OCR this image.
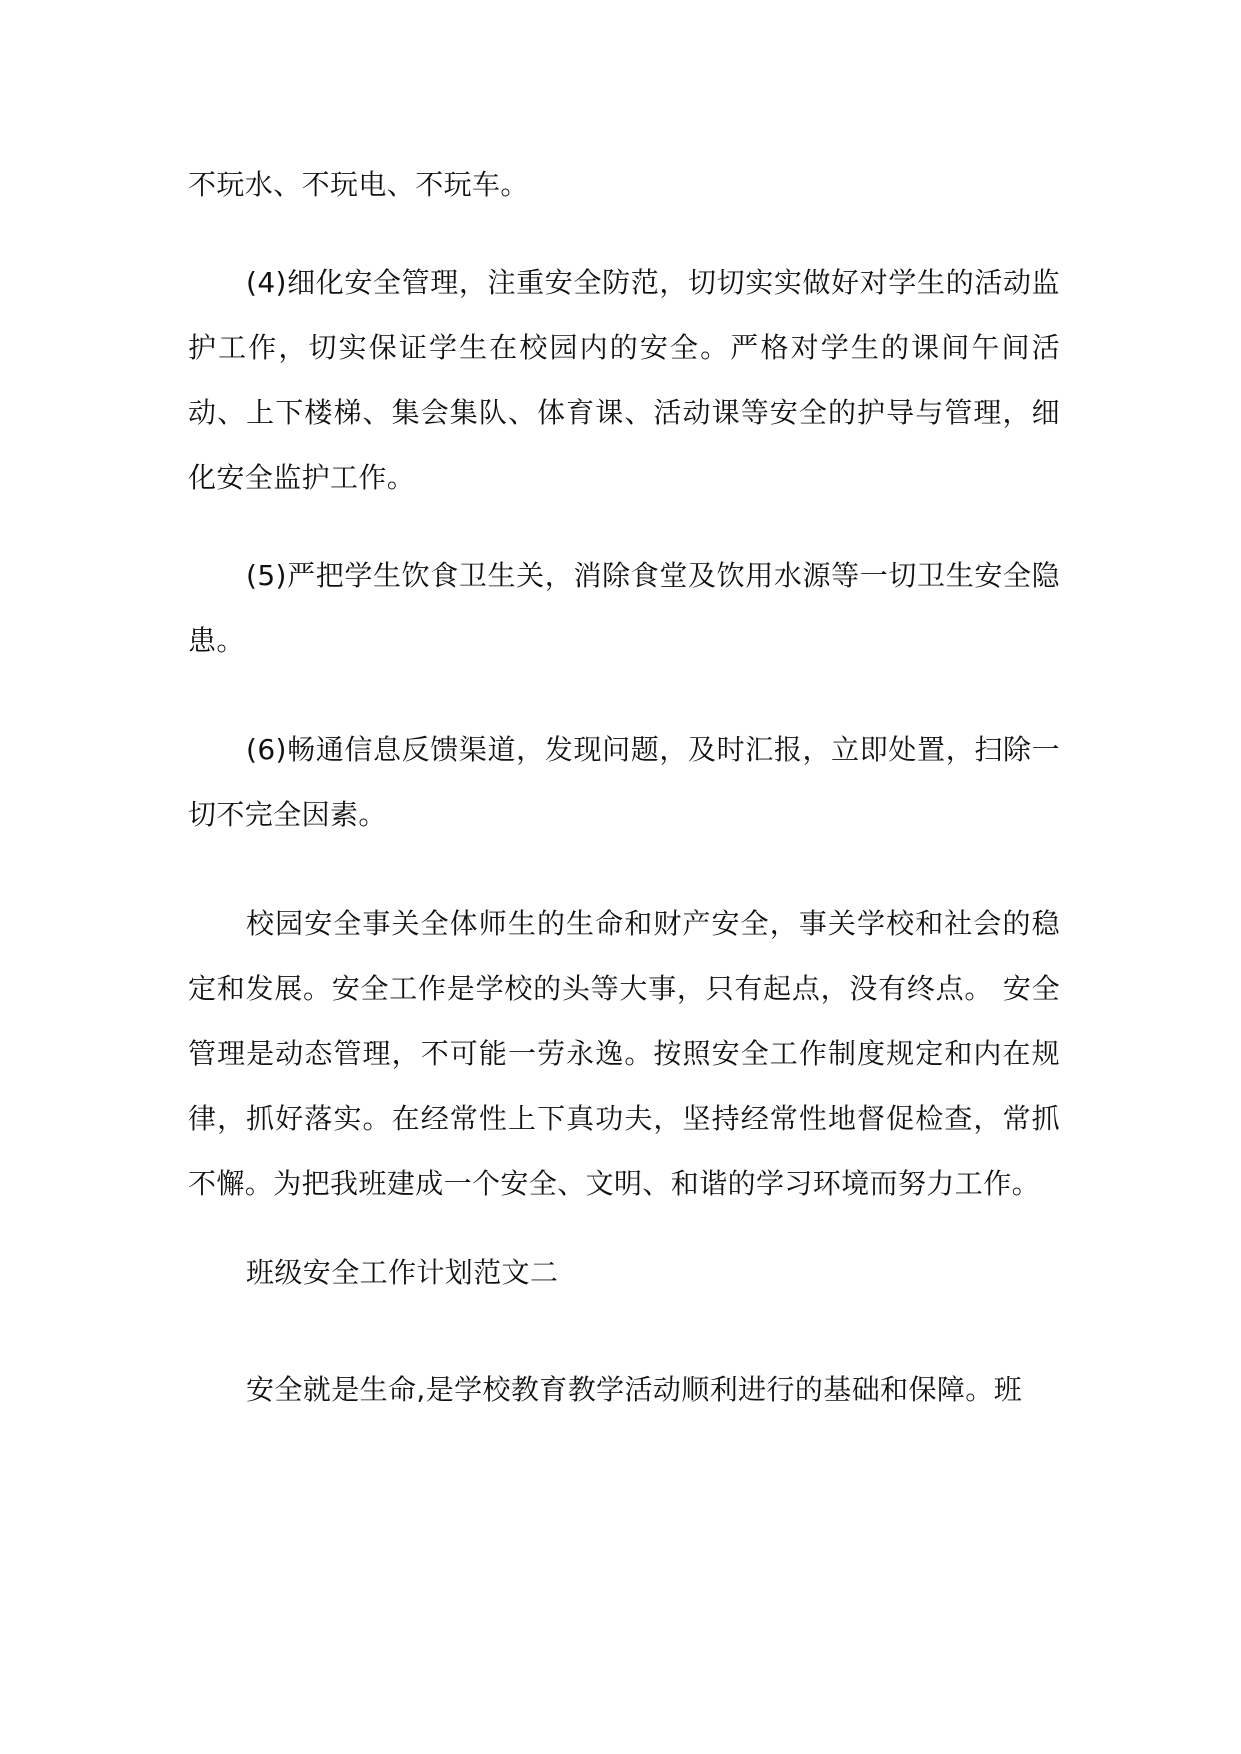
不玩水、不玩电、不玩车。

(4)细化安全管理，注重安全防范，切切实实做好对学生的活动监护工作，切实保证学生在校园内的安全。严格对学生的课间午间活动、上下楼梯、集会集队、体育课、活动课等安全的护导与管理，细化安全监护工作。

(5)严把学生饮食卫生关，消除食堂及饮用水源等一切卫生安全隐患。

(6)畅通信息反馈渠道，发现问题，及时汇报，立即处置，扫除一切不完全因素。

校园安全事关全体师生的生命和财产安全，事关学校和社会的稳定和发展。安全工作是学校的头等大事，只有起点，没有终点。 安全管理是动态管理，不可能一劳永逸。按照安全工作制度规定和内在规律，抓好落实。在经常性上下真功夫，坚持经常性地督促检查，常抓不懈。为把我班建成一个安全、文明、和谐的学习环境而努力工作。

班级安全工作计划范文二

安全就是生命,是学校教育教学活动顺利进行的基础和保障。班
